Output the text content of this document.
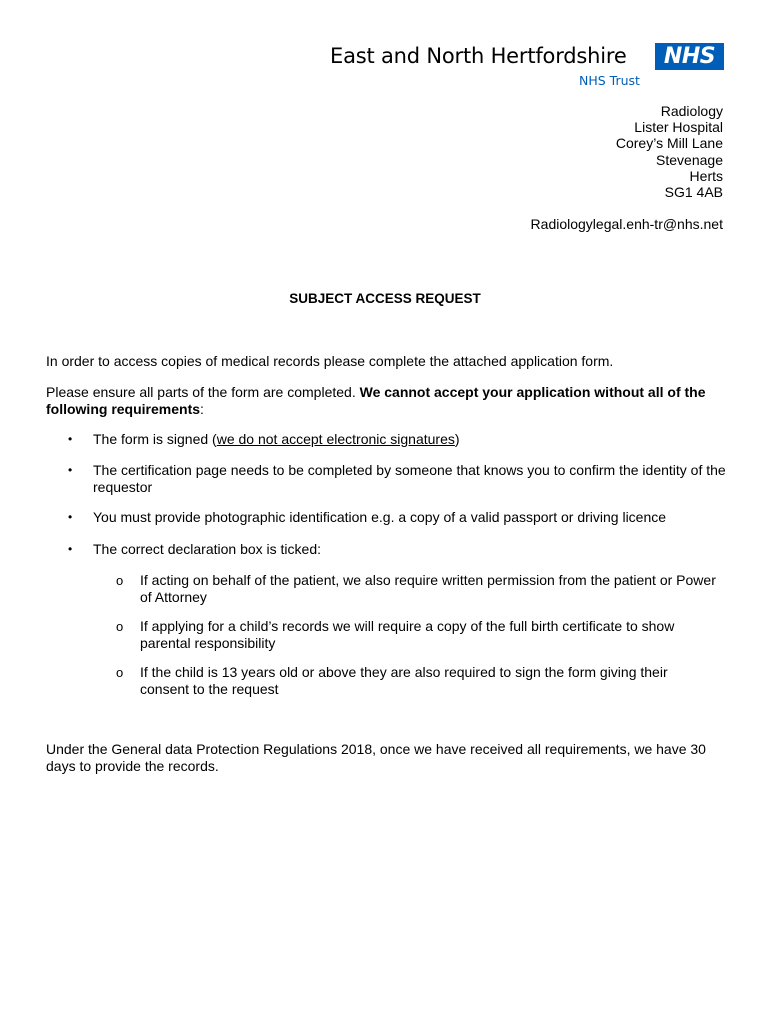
East and North Hertfordshire
NHS Trust
NHS
Radiology
Lister Hospital
Corey’s Mill Lane
Stevenage
Herts
SG1 4AB
Radiologylegal.enh-tr@nhs.net
SUBJECT ACCESS REQUEST
In order to access copies of medical records please complete the attached application form.
Please ensure all parts of the form are completed. We cannot accept your application without all of the following requirements:
• The form is signed (we do not accept electronic signatures)
• The certification page needs to be completed by someone that knows you to confirm the identity of the requestor
• You must provide photographic identification e.g. a copy of a valid passport or driving licence
• The correct declaration box is ticked:
o If acting on behalf of the patient, we also require written permission from the patient or Power of Attorney
o If applying for a child’s records we will require a copy of the full birth certificate to show parental responsibility
o If the child is 13 years old or above they are also required to sign the form giving their consent to the request
Under the General data Protection Regulations 2018, once we have received all requirements, we have 30 days to provide the records.
